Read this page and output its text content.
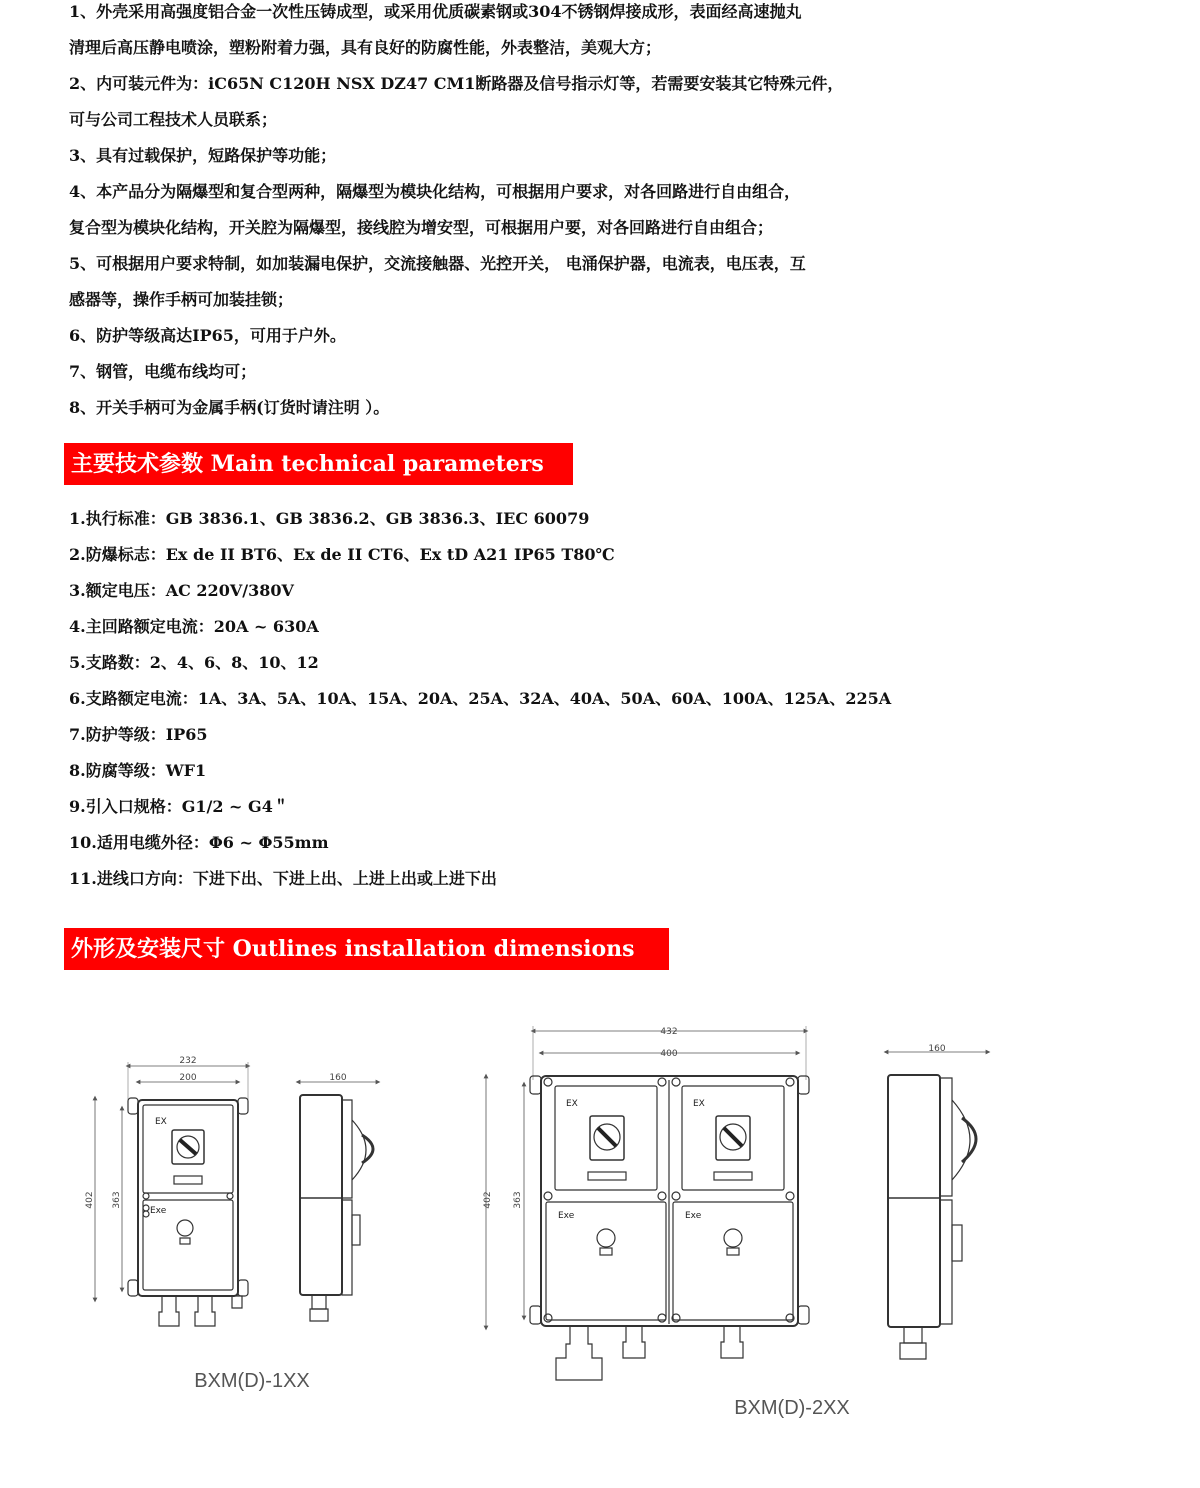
1、外壳采用高强度铝合金一次性压铸成型，或采用优质碳素钢或304不锈钢焊接成形，表面经高速抛丸
清理后高压静电喷涂，塑粉附着力强，具有良好的防腐性能，外表整洁，美观大方；
2、内可装元件为：iC65N C120H NSX DZ47 CM1断路器及信号指示灯等，若需要安装其它特殊元件，
可与公司工程技术人员联系；
3、具有过载保护，短路保护等功能；
4、本产品分为隔爆型和复合型两种，隔爆型为模块化结构，可根据用户要求，对各回路进行自由组合，
复合型为模块化结构，开关腔为隔爆型，接线腔为增安型，可根据用户要，对各回路进行自由组合；
5、可根据用户要求特制，如加装漏电保护，交流接触器、光控开关， 电涌保护器，电流表，电压表，互
感器等，操作手柄可加装挂锁；
6、防护等级高达IP65，可用于户外。
7、钢管，电缆布线均可；
8、开关手柄可为金属手柄(订货时请注明 ）。
主要技术参数 Main technical parameters
1.执行标准：GB 3836.1、GB 3836.2、GB 3836.3、IEC 60079
2.防爆标志：Ex de II BT6、Ex de II CT6、Ex tD A21 IP65 T80℃
3.额定电压：AC 220V/380V
4.主回路额定电流：20A ~ 630A
5.支路数：2、4、6、8、10、12
6.支路额定电流：1A、3A、5A、10A、15A、20A、25A、32A、40A、50A、60A、100A、125A、225A
7.防护等级：IP65
8.防腐等级：WF1
9.引入口规格：G1/2 ~ G4＂
10.适用电缆外径：Φ6 ~ Φ55mm
11.进线口方向：下进下出、下进上出、上进上出或上进下出
外形及安装尺寸 Outlines installation dimensions
232
200
402 363
EX
Exe
160
BXM(D)-1XX
432
400
402 363
EX	EX
Exe	Exe
160
BXM(D)-2XX
